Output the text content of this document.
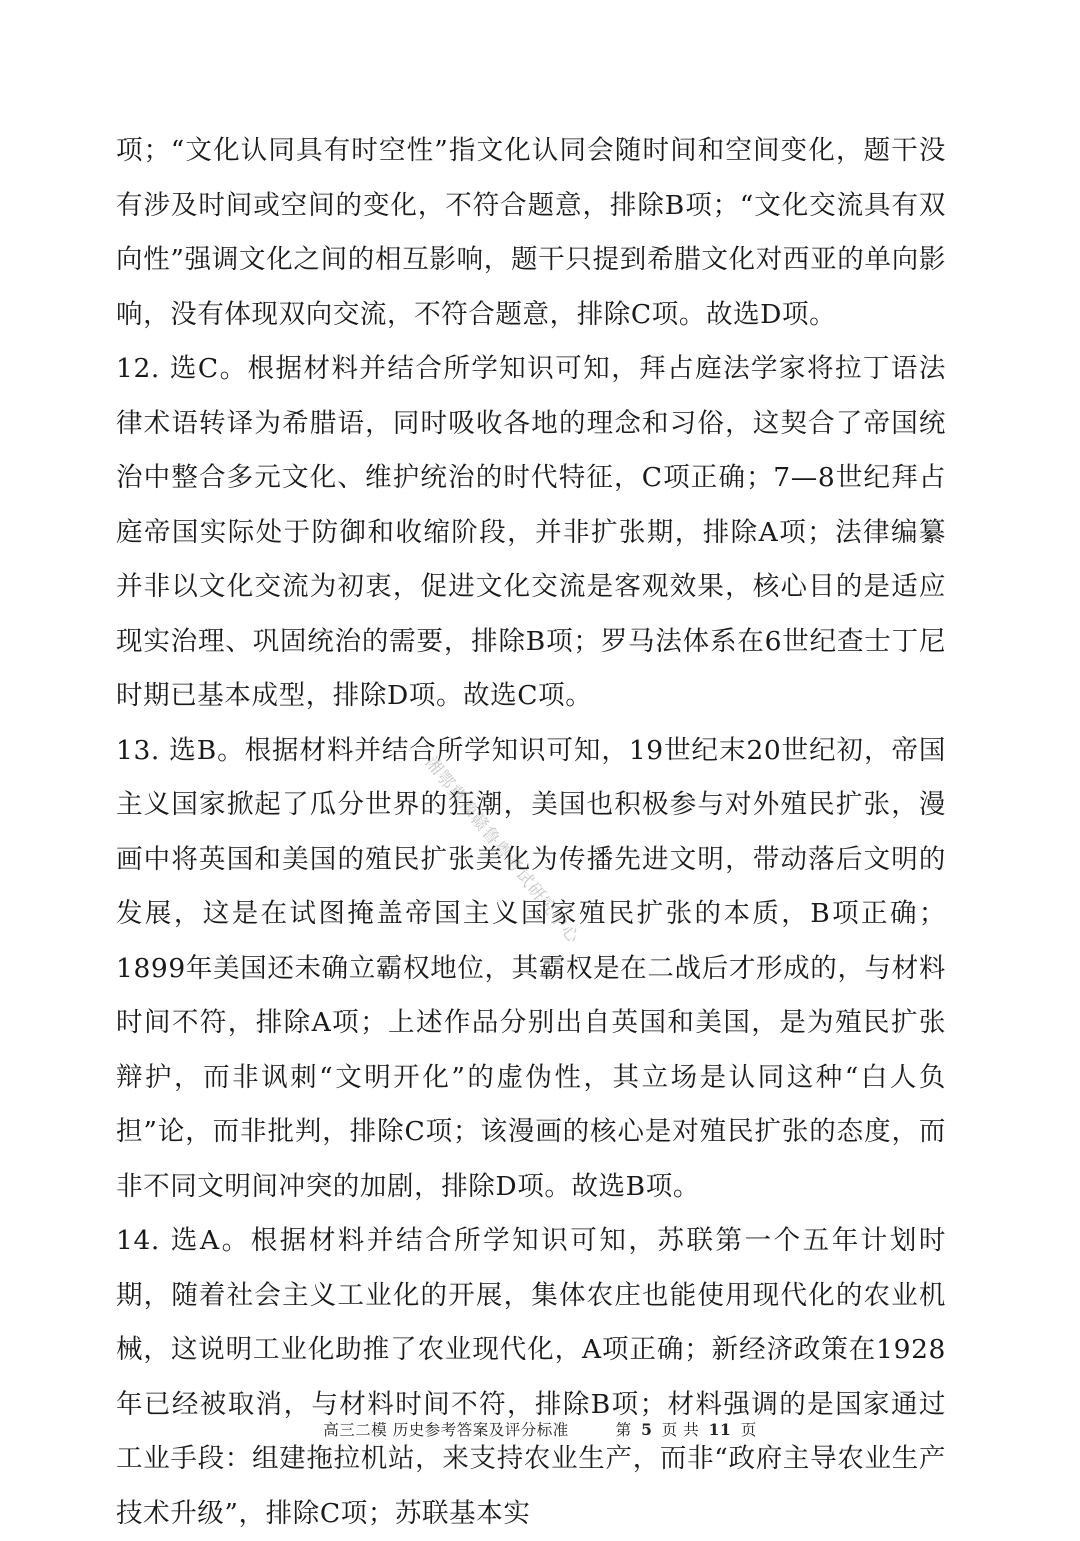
项；“文化认同具有时空性”指文化认同会随时间和空间变化，题干没有涉及时间或空间的变化，不符合题意，排除B项；“文化交流具有双向性”强调文化之间的相互影响，题干只提到希腊文化对西亚的单向影响，没有体现双向交流，不符合题意，排除C项。故选D项。

12. 选C。根据材料并结合所学知识可知，拜占庭法学家将拉丁语法律术语转译为希腊语，同时吸收各地的理念和习俗，这契合了帝国统治中整合多元文化、维护统治的时代特征，C项正确；7—8世纪拜占庭帝国实际处于防御和收缩阶段，并非扩张期，排除A项；法律编纂并非以文化交流为初衷，促进文化交流是客观效果，核心目的是适应现实治理、巩固统治的需要，排除B项；罗马法体系在6世纪查士丁尼时期已基本成型，排除D项。故选C项。

13. 选B。根据材料并结合所学知识可知，19世纪末20世纪初，帝国主义国家掀起了瓜分世界的狂潮，美国也积极参与对外殖民扩张，漫画中将英国和美国的殖民扩张美化为传播先进文明，带动落后文明的发展，这是在试图掩盖帝国主义国家殖民扩张的本质，B项正确；1899年美国还未确立霸权地位，其霸权是在二战后才形成的，与材料时间不符，排除A项；上述作品分别出自英国和美国，是为殖民扩张辩护，而非讽刺“文明开化”的虚伪性，其立场是认同这种“白人负担”论，而非批判，排除C项；该漫画的核心是对殖民扩张的态度，而非不同文明间冲突的加剧，排除D项。故选B项。

14. 选A。根据材料并结合所学知识可知，苏联第一个五年计划时期，随着社会主义工业化的开展，集体农庄也能使用现代化的农业机械，这说明工业化助推了农业现代化，A项正确；新经济政策在1928年已经被取消，与材料时间不符，排除B项；材料强调的是国家通过工业手段：组建拖拉机站，来支持农业生产，而非“政府主导农业生产技术升级”，排除C项；苏联基本实

湘鄂冀豫赣鲁粤考试研究中心
高三二模 历史参考答案及评分标准	第 5 页 共 11 页
